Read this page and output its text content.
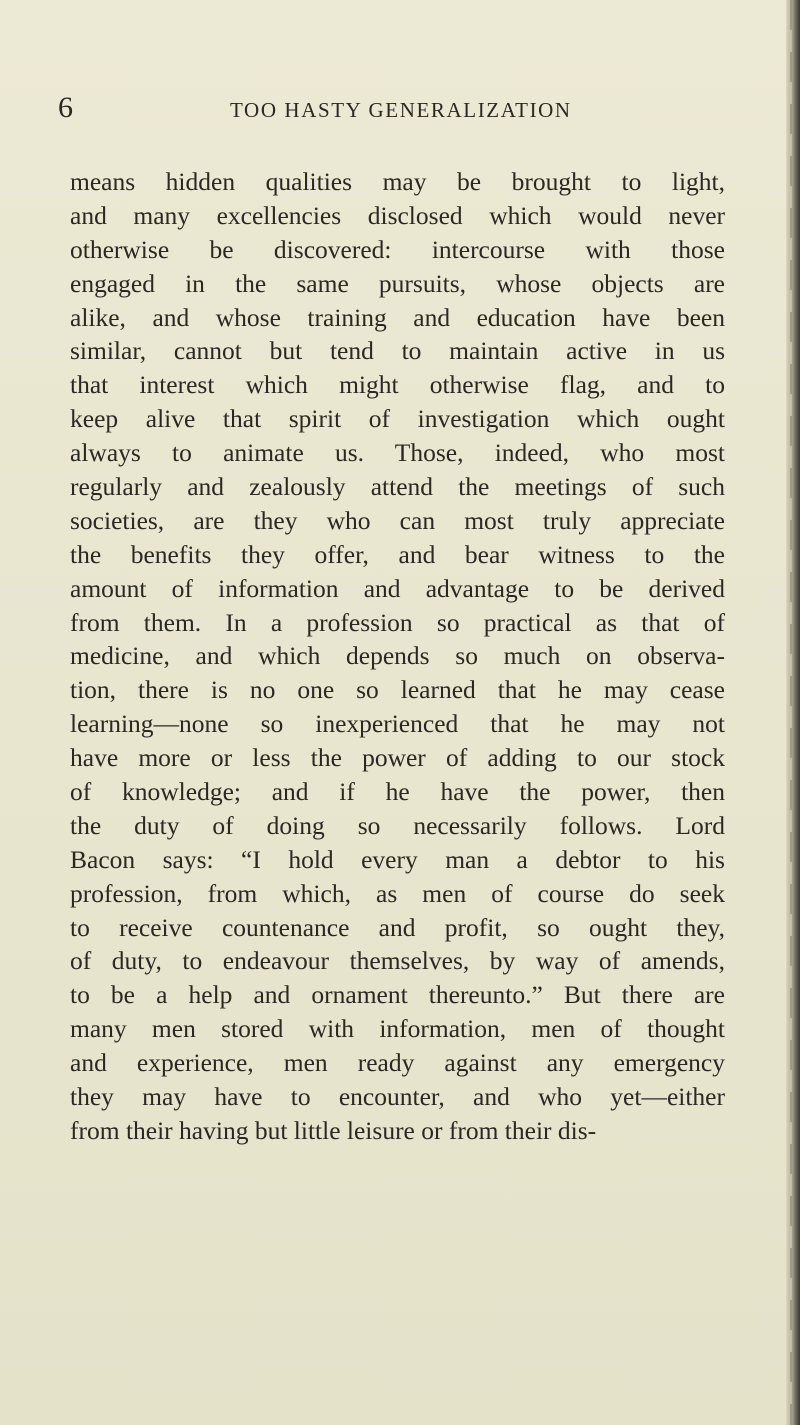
6	TOO HASTY GENERALIZATION
means hidden qualities may be brought to light,
and many excellencies disclosed which would never
otherwise be discovered: intercourse with those
engaged in the same pursuits, whose objects are
alike, and whose training and education have been
similar, cannot but tend to maintain active in us
that interest which might otherwise flag, and to
keep alive that spirit of investigation which ought
always to animate us. Those, indeed, who most
regularly and zealously attend the meetings of such
societies, are they who can most truly appreciate
the benefits they offer, and bear witness to the
amount of information and advantage to be derived
from them. In a profession so practical as that of
medicine, and which depends so much on observa-
tion, there is no one so learned that he may cease
learning—none so inexperienced that he may not
have more or less the power of adding to our stock
of knowledge; and if he have the power, then
the duty of doing so necessarily follows. Lord
Bacon says: “I hold every man a debtor to his
profession, from which, as men of course do seek
to receive countenance and profit, so ought they,
of duty, to endeavour themselves, by way of amends,
to be a help and ornament thereunto.” But there are
many men stored with information, men of thought
and experience, men ready against any emergency
they may have to encounter, and who yet—either
from their having but little leisure or from their dis-
